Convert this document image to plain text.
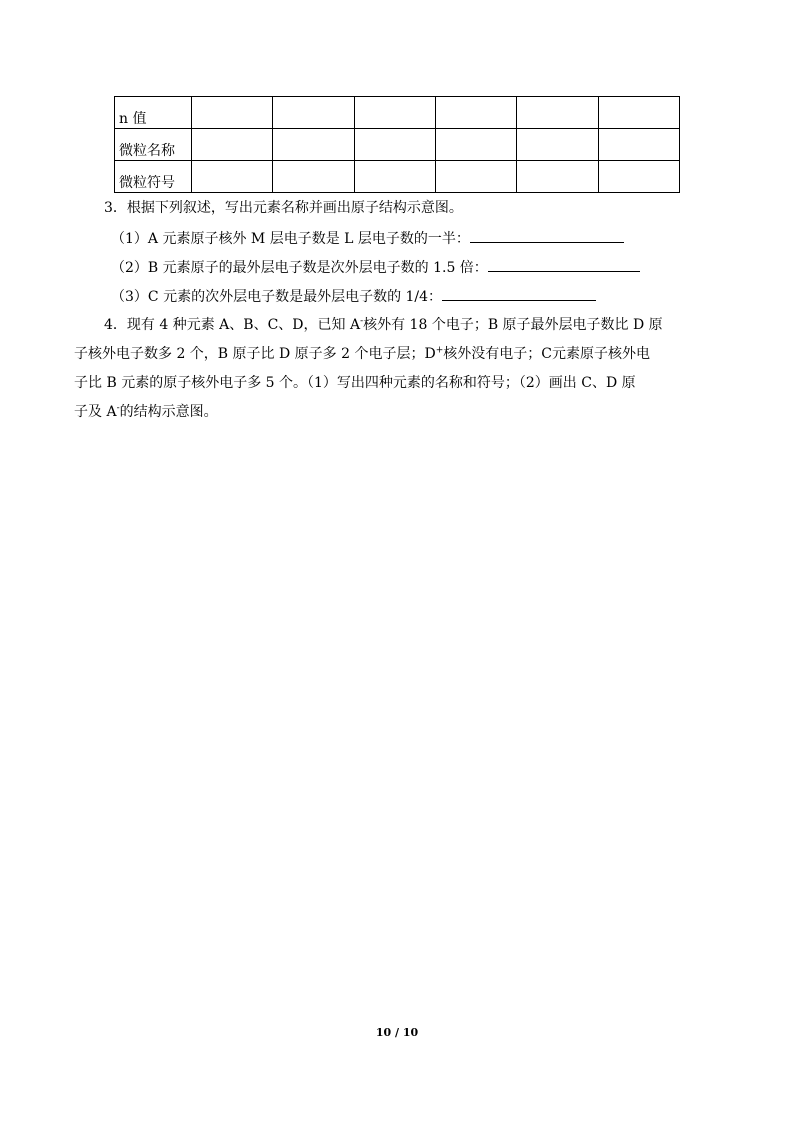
n 值						
微粒名称						
微粒符号						
3．根据下列叙述，写出元素名称并画出原子结构示意图。
（1）A 元素原子核外 M 层电子数是 L 层电子数的一半：
（2）B 元素原子的最外层电子数是次外层电子数的 1.5 倍：
（3）C 元素的次外层电子数是最外层电子数的 1/4：
4．现有 4 种元素 A、B、C、D，已知 A-核外有 18 个电子；B 原子最外层电子数比 D 原
子核外电子数多 2 个，B 原子比 D 原子多 2 个电子层；D+核外没有电子；C元素原子核外电
子比 B 元素的原子核外电子多 5 个。（1）写出四种元素的名称和符号；（2）画出 C、D 原
子及 A-的结构示意图。
10 / 10
